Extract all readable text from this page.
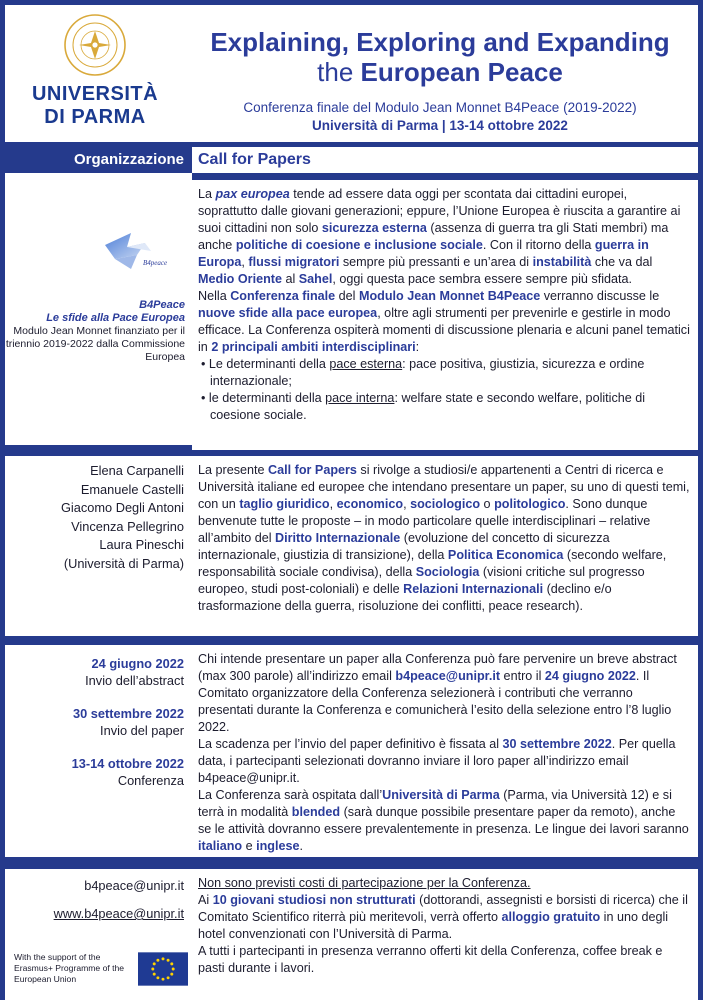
UNIVERSITÀ
DI PARMA
Explaining, Exploring and Expanding
the European Peace
Conferenza finale del Modulo Jean Monnet B4Peace (2019-2022)
Università di Parma | 13-14 ottobre 2022
Organizzazione
B4peace
B4Peace
Le sfide alla Pace Europea
Modulo Jean Monnet finanziato per il triennio 2019-2022 dalla Commissione Europea
Comitato scientifico
Elena Carpanelli
Emanuele Castelli
Giacomo Degli Antoni
Vincenza Pellegrino
Laura Pineschi
(Università di Parma)
Date importanti
24 giugno 2022
Invio dell’abstract
30 settembre 2022
Invio del paper
13-14 ottobre 2022
Conferenza
Informazioni
b4peace@unipr.it
www.b4peace@unipr.it
With the support of the Erasmus+ Programme of the European Union
Call for Papers

La pax europea tende ad essere data oggi per scontata dai cittadini europei, soprattutto dalle giovani generazioni; eppure, l’Unione Europea è riuscita a garantire ai suoi cittadini non solo sicurezza esterna (assenza di guerra tra gli Stati membri) ma anche politiche di coesione e inclusione sociale. Con il ritorno della guerra in Europa, flussi migratori sempre più pressanti e un’area di instabilità che va dal Medio Oriente al Sahel, oggi questa pace sembra essere sempre più sfidata.

Nella Conferenza finale del Modulo Jean Monnet B4Peace verranno discusse le nuove sfide alla pace europea, oltre agli strumenti per prevenirle e gestirle in modo efficace. La Conferenza ospiterà momenti di discussione plenaria e alcuni panel tematici in 2 principali ambiti interdisciplinari:

• Le determinanti della pace esterna: pace positiva, giustizia, sicurezza e ordine internazionale;
• le determinanti della pace interna: welfare state e secondo welfare, politiche di coesione sociale.

La presente Call for Papers si rivolge a studiosi/e appartenenti a Centri di ricerca e Università italiane ed europee che intendano presentare un paper, su uno di questi temi, con un taglio giuridico, economico, sociologico o politologico. Sono dunque benvenute tutte le proposte – in modo particolare quelle interdisciplinari – relative all’ambito del Diritto Internazionale (evoluzione del concetto di sicurezza internazionale, giustizia di transizione), della Politica Economica (secondo welfare, responsabilità sociale condivisa), della Sociologia (visioni critiche sul progresso europeo, studi post-coloniali) e delle Relazioni Internazionali (declino e/o trasformazione della guerra, risoluzione dei conflitti, peace research).

Chi intende presentare un paper alla Conferenza può fare pervenire un breve abstract (max 300 parole) all’indirizzo email b4peace@unipr.it entro il 24 giugno 2022. Il Comitato organizzatore della Conferenza selezionerà i contributi che verranno presentati durante la Conferenza e comunicherà l’esito della selezione entro l’8 luglio 2022.

La scadenza per l’invio del paper definitivo è fissata al 30 settembre 2022. Per quella data, i partecipanti selezionati dovranno inviare il loro paper all’indirizzo email b4peace@unipr.it.

La Conferenza sarà ospitata dall’Università di Parma (Parma, via Università 12) e si terrà in modalità blended (sarà dunque possibile presentare paper da remoto), anche se le attività dovranno essere prevalentemente in presenza. Le lingue dei lavori saranno italiano e inglese.

Non sono previsti costi di partecipazione per la Conferenza.

Ai 10 giovani studiosi non strutturati (dottorandi, assegnisti e borsisti di ricerca) che il Comitato Scientifico riterrà più meritevoli, verrà offerto alloggio gratuito in uno degli hotel convenzionati con l’Università di Parma.

A tutti i partecipanti in presenza verranno offerti kit della Conferenza, coffee break e pasti durante i lavori.
